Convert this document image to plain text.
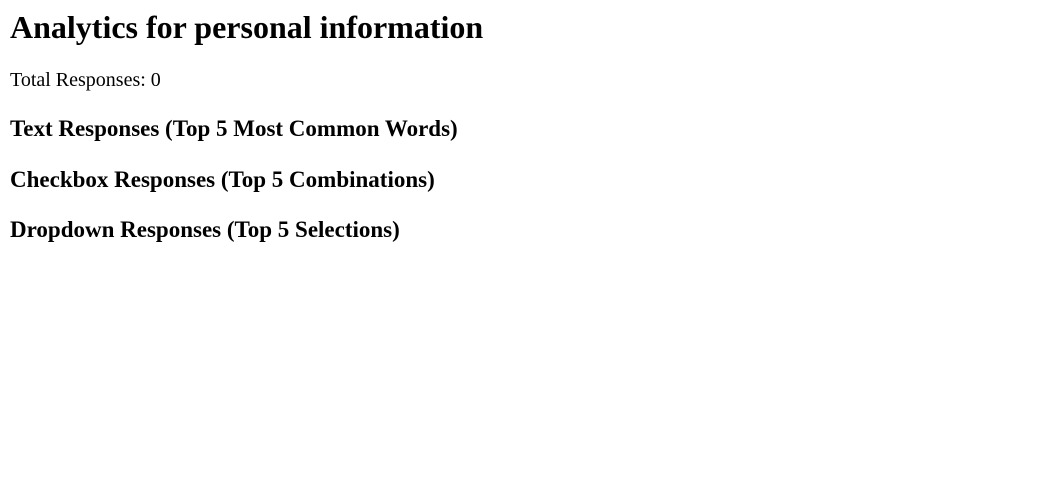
Analytics for personal information

Total Responses: 0

Text Responses (Top 5 Most Common Words)
Checkbox Responses (Top 5 Combinations)
Dropdown Responses (Top 5 Selections)
